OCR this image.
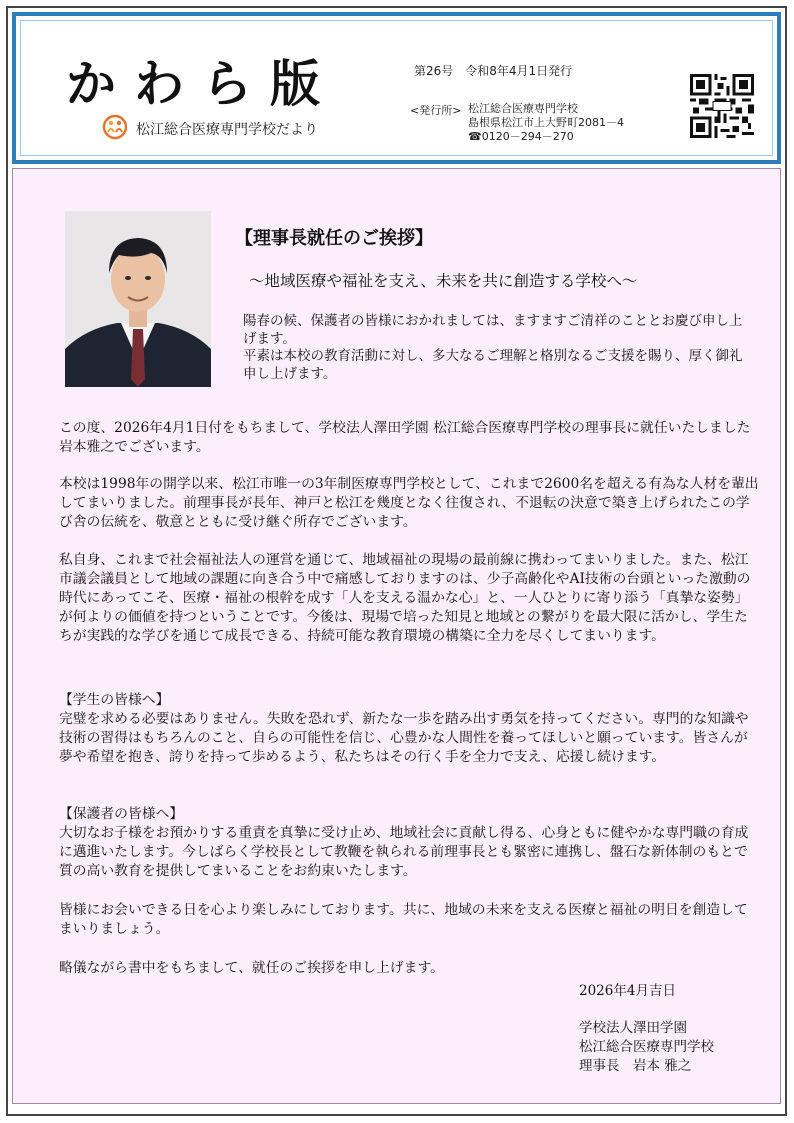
かわら版
松江総合医療専門学校だより
第26号　令和8年4月1日発行
<発行所> 松江総合医療専門学校
島根県松江市上大野町2081－4
☎0120－294－270
【理事長就任のご挨拶】
～地域医療や福祉を支え、未来を共に創造する学校へ～
陽春の候、保護者の皆様におかれましては、ますますご清祥のこととお慶び申し上げます。
平素は本校の教育活動に対し、多大なるご理解と格別なるご支援を賜り、厚く御礼申し上げます。

この度、2026年4月1日付をもちまして、学校法人澤田学園 松江総合医療専門学校の理事長に就任いたしました岩本雅之でございます。

本校は1998年の開学以来、松江市唯一の3年制医療専門学校として、これまで2600名を超える有為な人材を輩出してまいりました。前理事長が長年、神戸と松江を幾度となく往復され、不退転の決意で築き上げられたこの学び舎の伝統を、敬意とともに受け継ぐ所存でございます。

私自身、これまで社会福祉法人の運営を通じて、地域福祉の現場の最前線に携わってまいりました。また、松江市議会議員として地域の課題に向き合う中で痛感しておりますのは、少子高齢化やAI技術の台頭といった激動の時代にあってこそ、医療・福祉の根幹を成す「人を支える温かな心」と、一人ひとりに寄り添う「真摯な姿勢」が何よりの価値を持つということです。今後は、現場で培った知見と地域との繋がりを最大限に活かし、学生たちが実践的な学びを通じて成長できる、持続可能な教育環境の構築に全力を尽くしてまいります。

【学生の皆様へ】

完璧を求める必要はありません。失敗を恐れず、新たな一歩を踏み出す勇気を持ってください。専門的な知識や技術の習得はもちろんのこと、自らの可能性を信じ、心豊かな人間性を養ってほしいと願っています。皆さんが夢や希望を抱き、誇りを持って歩めるよう、私たちはその行く手を全力で支え、応援し続けます。

【保護者の皆様へ】

大切なお子様をお預かりする重責を真摯に受け止め、地域社会に貢献し得る、心身ともに健やかな専門職の育成に邁進いたします。今しばらく学校長として教鞭を執られる前理事長とも緊密に連携し、盤石な新体制のもとで質の高い教育を提供してまいることをお約束いたします。

皆様にお会いできる日を心より楽しみにしております。共に、地域の未来を支える医療と福祉の明日を創造してまいりましょう。

略儀ながら書中をもちまして、就任のご挨拶を申し上げます。

2026年4月吉日
学校法人澤田学園
松江総合医療専門学校
理事長　岩本 雅之
